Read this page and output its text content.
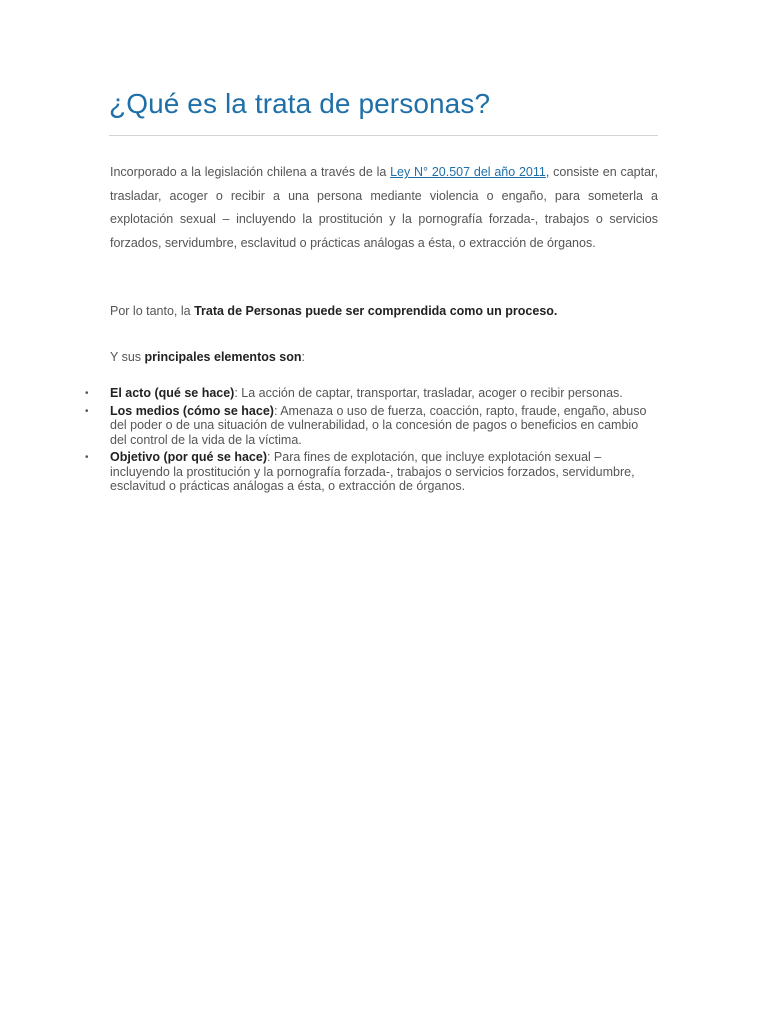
¿Qué es la trata de personas?

Incorporado a la legislación chilena a través de la Ley N° 20.507 del año 2011, consiste en captar, trasladar, acoger o recibir a una persona mediante violencia o engaño, para someterla a explotación sexual – incluyendo la prostitución y la pornografía forzada-, trabajos o servicios forzados, servidumbre, esclavitud o prácticas análogas a ésta, o extracción de órganos.

Por lo tanto, la Trata de Personas puede ser comprendida como un proceso.

Y sus principales elementos son:

• El acto (qué se hace): La acción de captar, transportar, trasladar, acoger o recibir personas.
• Los medios (cómo se hace): Amenaza o uso de fuerza, coacción, rapto, fraude, engaño, abuso del poder o de una situación de vulnerabilidad, o la concesión de pagos o beneficios en cambio del control de la vida de la víctima.
• Objetivo (por qué se hace): Para fines de explotación, que incluye explotación sexual – incluyendo la prostitución y la pornografía forzada-, trabajos o servicios forzados, servidumbre, esclavitud o prácticas análogas a ésta, o extracción de órganos.
